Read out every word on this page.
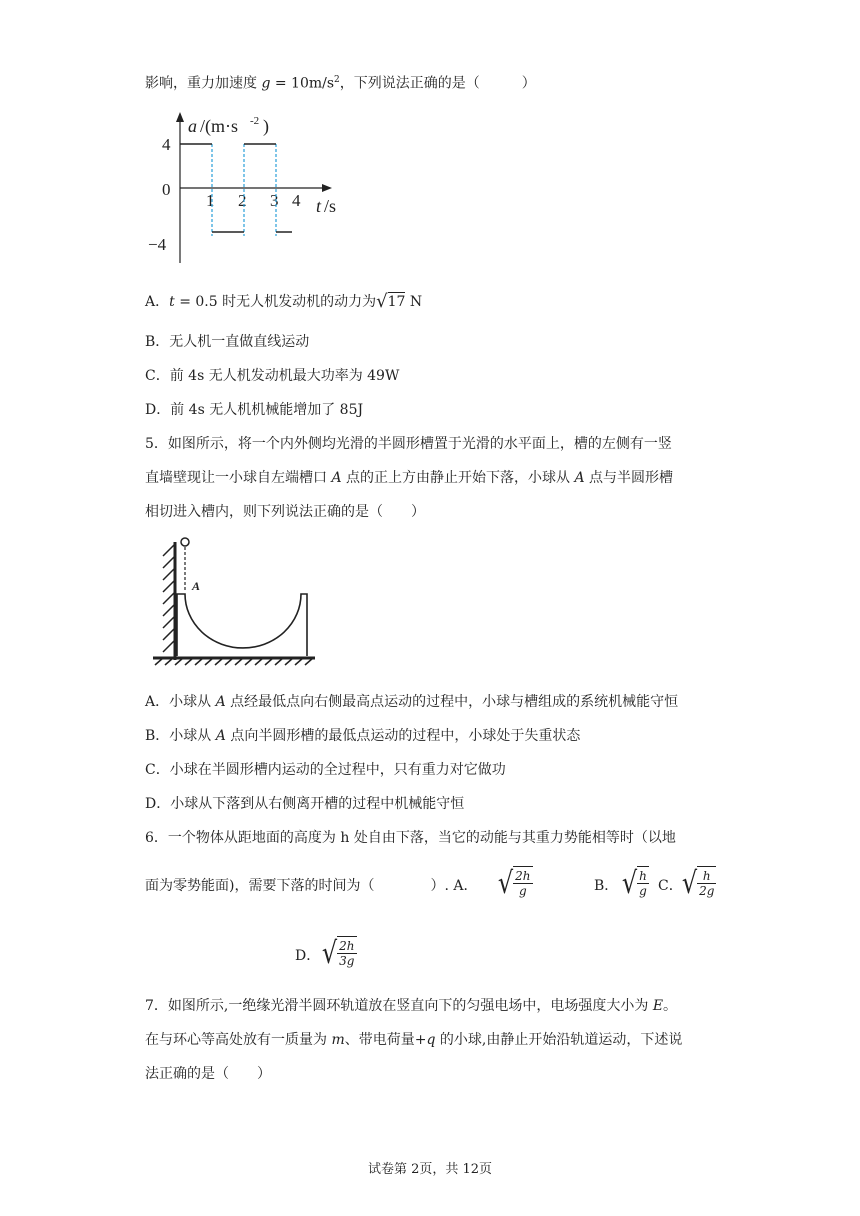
影响，重力加速度 $g = 10m/s^2$，下列说法正确的是（　　　）
a /(m·s -2 )
4
0
−4
1 2 3 4 t /s
A．t = 0.5 时无人机发动机的动力为 √ 17 N
B．无人机一直做直线运动
C．前 4s 无人机发动机最大功率为 49W
D．前 4s 无人机机械能增加了 85J
5．如图所示，将一个内外侧均光滑的半圆形槽置于光滑的水平面上，槽的左侧有一竖
直墙壁现让一小球自左端槽口 A 点的正上方由静止开始下落，小球从 A 点与半圆形槽
相切进入槽内，则下列说法正确的是（　　）
A
A．小球从 A 点经最低点向右侧最高点运动的过程中，小球与槽组成的系统机械能守恒
B．小球从 A 点向半圆形槽的最低点运动的过程中，小球处于失重状态
C．小球在半圆形槽内运动的全过程中，只有重力对它做功
D．小球从下落到从右侧离开槽的过程中机械能守恒
6．一个物体从距地面的高度为 h 处自由下落，当它的动能与其重力势能相等时（以地
面为零势能面)，需要下落的时间为（　　　　）. A． √ $\frac{2h}{g}$	B． √ $\frac{h}{g}$ C． √ $\frac{h}{2g}$
D． √ $\frac{2h}{3g}$
7．如图所示,一绝缘光滑半圆环轨道放在竖直向下的匀强电场中，电场强度大小为 E。
在与环心等高处放有一质量为 m、带电荷量+q 的小球,由静止开始沿轨道运动，下述说
法正确的是（　　）
试卷第 2页，共 12页
